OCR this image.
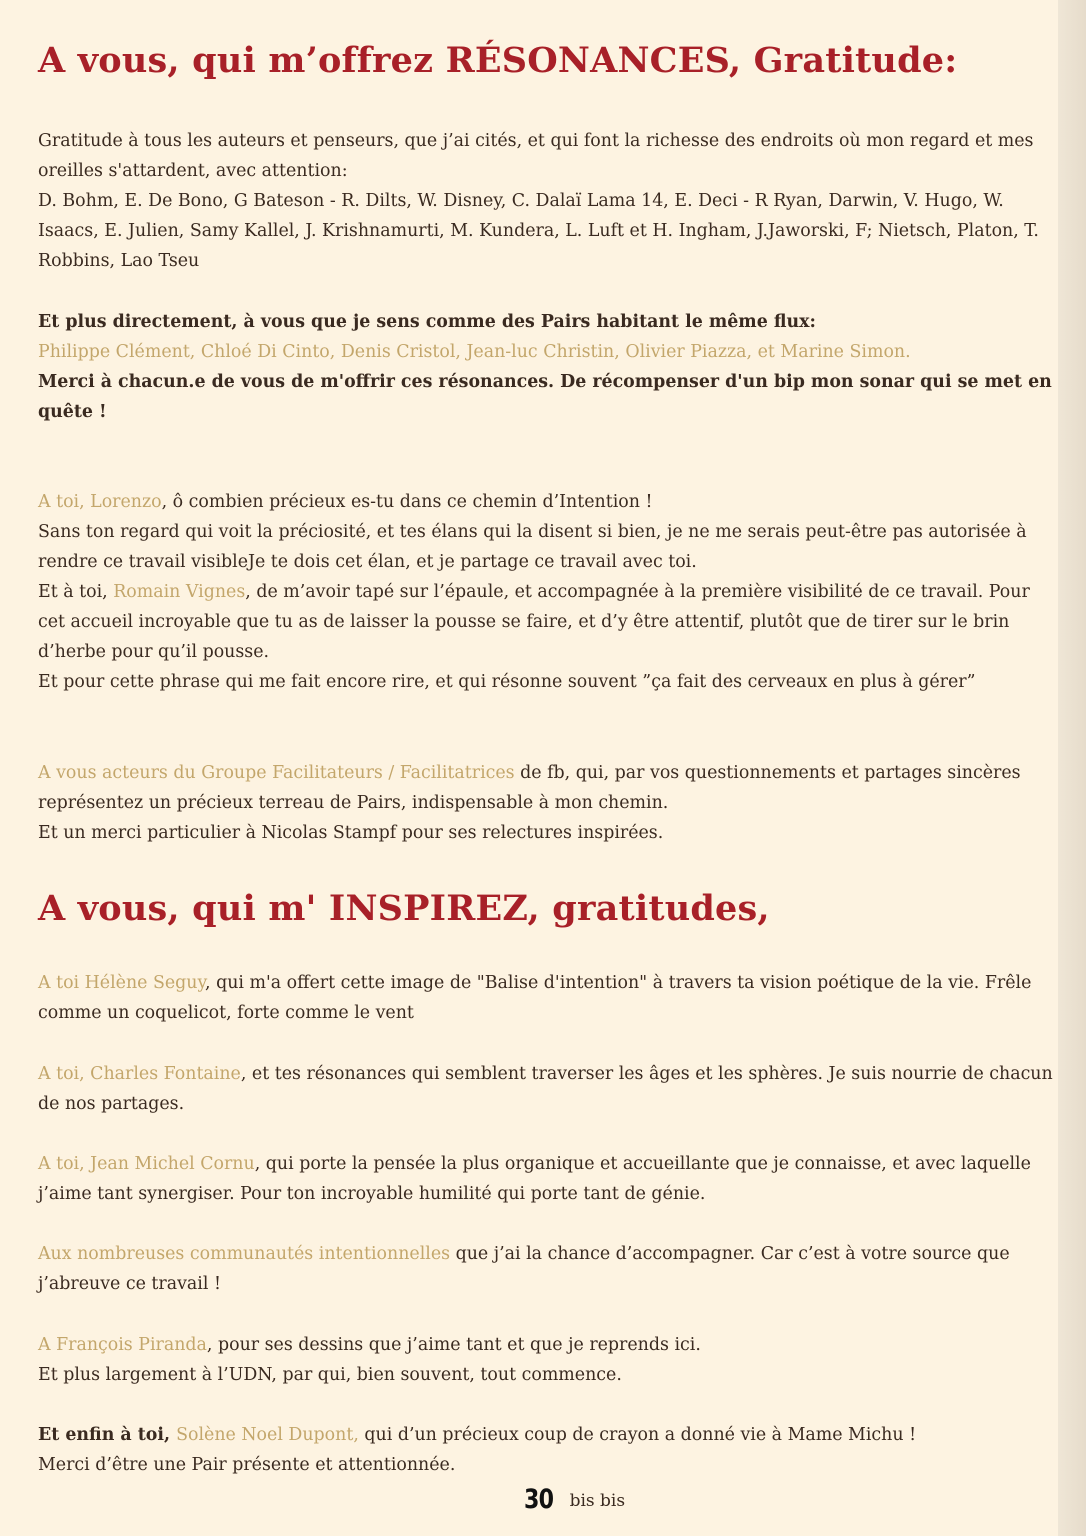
A vous, qui m’offrez RÉSONANCES, Gratitude:

Gratitude à tous les auteurs et penseurs, que j’ai cités, et qui font la richesse des endroits où mon regard et mes oreilles s'attardent, avec attention:

D. Bohm, E. De Bono, G Bateson - R. Dilts, W. Disney, C. Dalaï Lama 14, E. Deci - R Ryan, Darwin, V. Hugo, W. Isaacs, E. Julien, Samy Kallel, J. Krishnamurti, M. Kundera, L. Luft et H. Ingham, J.Jaworski, F; Nietsch, Platon, T. Robbins, Lao Tseu

Et plus directement, à vous que je sens comme des Pairs habitant le même flux:

Philippe Clément, Chloé Di Cinto, Denis Cristol, Jean-luc Christin, Olivier Piazza, et Marine Simon.

Merci à chacun.e de vous de m'offrir ces résonances. De récompenser d'un bip mon sonar qui se met en quête !

A toi, Lorenzo, ô combien précieux es-tu dans ce chemin d’Intention !

Sans ton regard qui voit la préciosité, et tes élans qui la disent si bien, je ne me serais peut-être pas autorisée à rendre ce travail visibleJe te dois cet élan, et je partage ce travail avec toi.

Et à toi, Romain Vignes, de m’avoir tapé sur l’épaule, et accompagnée à la première visibilité de ce travail. Pour cet accueil incroyable que tu as de laisser la pousse se faire, et d’y être attentif, plutôt que de tirer sur le brin d’herbe pour qu’il pousse.

Et pour cette phrase qui me fait encore rire, et qui résonne souvent ”ça fait des cerveaux en plus à gérer”

A vous acteurs du Groupe Facilitateurs / Facilitatrices de fb, qui, par vos questionnements et partages sincères représentez un précieux terreau de Pairs, indispensable à mon chemin.

Et un merci particulier à Nicolas Stampf pour ses relectures inspirées.

A vous, qui m' INSPIREZ, gratitudes,

A toi Hélène Seguy, qui m'a offert cette image de "Balise d'intention" à travers ta vision poétique de la vie. Frêle comme un coquelicot, forte comme le vent

A toi, Charles Fontaine, et tes résonances qui semblent traverser les âges et les sphères. Je suis nourrie de chacun de nos partages.

A toi, Jean Michel Cornu, qui porte la pensée la plus organique et accueillante que je connaisse, et avec laquelle j’aime tant synergiser. Pour ton incroyable humilité qui porte tant de génie.

Aux nombreuses communautés intentionnelles que j’ai la chance d’accompagner. Car c’est à votre source que j’abreuve ce travail !

A François Piranda, pour ses dessins que j’aime tant et que je reprends ici.

Et plus largement à l’UDN, par qui, bien souvent, tout commence.

Et enfin à toi, Solène Noel Dupont, qui d’un précieux coup de crayon a donné vie à Mame Michu !

Merci d’être une Pair présente et attentionnée.

30 bis bis
